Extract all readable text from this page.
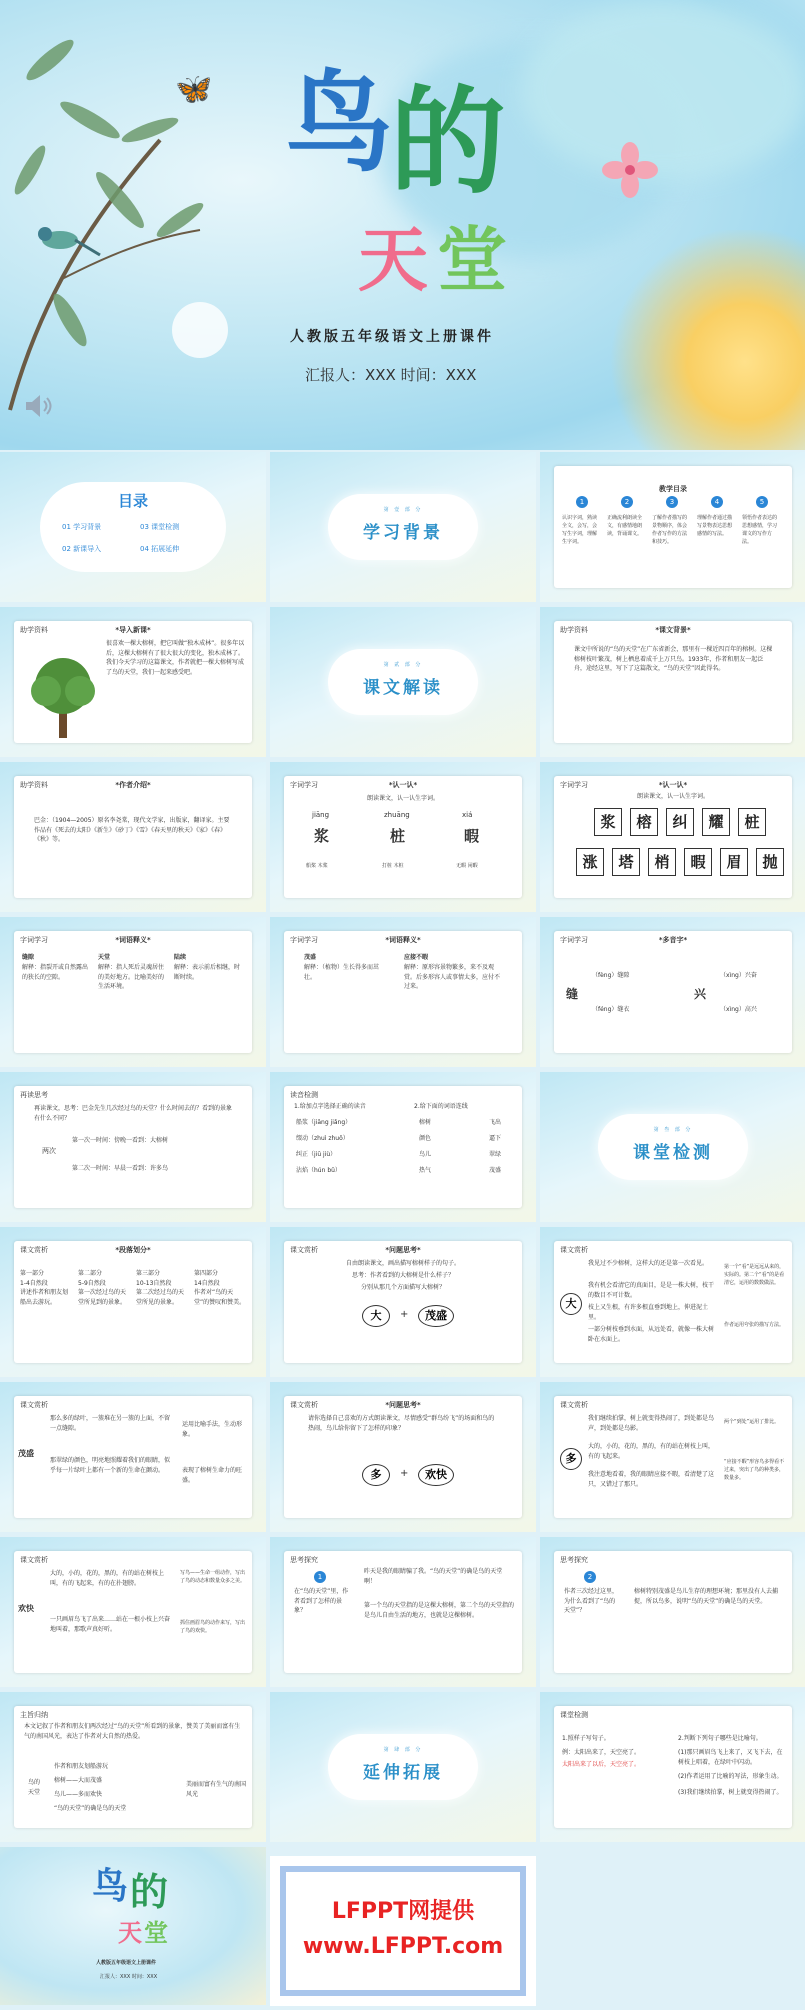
🦋 鸟
的
天 堂
人教版五年级语文上册课件
汇报人：XXX 时间：XXX
目录
01 学习背景	03 课堂检测
02 新课导入	04 拓展延伸
第 壹 部 分
学习背景
教学目录
1	2	3	4	5
认识字词，熟读全文，会写，会写生字词，理解生字词。
正确流利朗读全文，有感情地朗读，背诵课文。
了解作者描写的景物顺序，体会作者写作的方法和技巧。
理解作者通过描写景物表达思想感情的写法。
领悟作者表达的思想感情，学习课文的写作方法。
助学资料	*导入新课*
很喜欢一棵大榕树，把它叫做“独木成林”。很多年以后，这棵大榕树有了很大很大的变化，独木成林了。我们今天学习的这篇课文，作者就把一棵大榕树写成了鸟的天堂，我们一起来感受吧。
第 贰 部 分
课文解读
助学资料	*课文背景*
课文中所说的“鸟的天堂”在广东省新会，那里有一棵近四百年的榕树。这棵榕树枝叶繁茂，树上栖息着成千上万只鸟。1933年，作者和朋友一起泛舟，途经这里，写下了这篇散文，“鸟的天堂”因此得名。
助学资料	*作者介绍*
巴金：（1904—2005）原名李尧棠，现代文学家，出版家，翻译家。主要作品有《死去的太阳》《新生》《砂丁》《雪》《春天里的秋天》《家》《春》《秋》等。
字词学习	*认一认*
朗读课文，认一认生字词。
jiāng	zhuāng	xiá
浆	桩	暇
船桨 木桨	打桩 木桩	无暇 闲暇
字词学习	*认一认*
朗读课文，认一认生字词。
浆	榕	纠	耀	桩
涨	塔	梢	暇	眉	抛
字词学习	*词语释义*
缝隙
解释：指裂开或自然露出的狭长的空隙。
天堂
解释：指人死后灵魂居住的美好地方。比喻美好的生活环境。
陆续
解释：表示前后相继，时断时续。
字词学习	*词语释义*
茂盛
解释：（植物）生长得多而茁壮。
应接不暇
解释：原形容景物繁多，来不及观赏。后多形容人或事情太多，应付不过来。
字词学习	*多音字*
缝
（fèng）缝隙
（féng）缝衣
兴
（xìng）兴奋
（xìng）高兴
再读思考
再读课文，思考：巴金先生几次经过鸟的天堂？什么时间去的？看到的景象有什么不同？
两次
第一次一时间：傍晚一看到：大榕树
第二次一时间：早晨一看到：许多鸟
读音检测
1.给加点字选择正确的读音	2.给下面的词语连线
船浆（jiāng jiǎng）
缀动（zhuì zhuō）
纠正（jiū jiù）
沾焰（hún bǔ）
榕树
颜色
鸟儿
热气
飞出
逼下
翠绿
茂盛
第 叁 部 分
课堂检测
课文赏析	*段落划分*
第一部分
1-4自然段
讲述作者和朋友划船出去游玩。
第二部分
5-9自然段
第一次经过鸟的天堂所见到的景象。
第三部分
10-13自然段
第二次经过鸟的天堂所见的景象。
第四部分
14自然段
作者对“鸟的天堂”的赞叹和赞美。
课文赏析	*问题思考*
自由朗读课文，画出描写榕树样子的句子。
思考：作者看到的大榕树是什么样子？
分别从那几个方面描写大榕树？
大	+	茂盛
课文赏析
大
我见过不少榕树，这样大的还是第一次看见。
我有机会看清它的真面目，是是一株大树，枝干的数目不可计数。
枝上又生根，有许多根直垂到地上，伸进泥土里。
一部分树枝垂到水面，从远处看，就像一株大树卧在水面上。
第一个“看”是远远从来的，实际的。第二个“看”的是看清它，运用的数数做法。
作者运用夸张的描写方法。
课文赏析
茂盛
那么多的绿叶，一簇堆在另一簇的上面，不留一点缝隙。
那翠绿的颜色，明亮地照耀着我们的眼睛，似乎每一片绿叶上都有一个新的生命在颤动。
运用比喻手法，生动形象。
表现了榕树生命力的旺盛。
课文赏析	*问题思考*
请你选择自己喜欢的方式朗读课文，尽情感受“群鸟纷飞”的场面和鸟的热闹，鸟儿给你留下了怎样的印象？
多	+	欢快
课文赏析
多
我们继续拍掌，树上就变得热闹了，到处都是鸟声，到处都是鸟影。
大的，小的，花的，黑的，有的站在树枝上叫，有的飞起来。
我注意地看着，我的眼睛应接不暇，看清楚了这只，又错过了那只。
两个“到处”运用了排比。
“应接不暇”形容鸟多得看不过来，突出了鸟的种类多，数量多。
课文赏析
欢快
大的，小的，花的，黑的，有的站在树枝上叫，有的飞起来，有的在扑翅膀。
一只画眉鸟飞了出来……站在一根小枝上兴奋地叫着，那歌声真好听。
写鸟——生命一组动作，写出了鸟的动态和数量众多之美。
抓住画眉鸟的动作来写，写出了鸟的欢快。
思考探究
1
在“鸟的天堂”里，作者看到了怎样的景象？
昨天是我的眼睛骗了我。“鸟的天堂”的确是鸟的天堂啊！
第一个鸟的天堂指的是这棵大榕树，第二个鸟的天堂指的是鸟儿自由生活的地方，也就是这棵榕树。
思考探究
2
作者三次经过这里，为什么看到了“鸟的天堂”？
榕树特别茂盛是鸟儿生存的理想环境；那里没有人去捕捉，所以鸟多，说明“鸟的天堂”的确是鸟的天堂。
主旨归纳
本文记叙了作者和朋友们两次经过“鸟的天堂”所看到的景象，赞美了美丽而富有生气的南国风光，表达了作者对大自然的热爱。
鸟的天堂
作者和朋友划船游玩
榕树——大而茂盛
鸟儿——多而欢快
“鸟的天堂”的确是鸟的天堂
美丽而富有生气的南国风光
第 肆 部 分
延伸拓展
课堂检测
1.照样子写句子。
例：太阳出来了，天空亮了。
太阳出来了以后，天空亮了。
2.判断下列句子哪些是比喻句。
(1)那只画眉鸟飞上来了，又飞下去，在树枝上唱着，在绿叶中闪动。
(2)作者运用了比喻的写法，形象生动。
(3)我们继续拍掌，树上就变得热闹了。
鸟 的
天 堂
人教版五年级语文上册课件
汇报人：XXX 时间：XXX
LFPPT网提供
www.LFPPT.com
